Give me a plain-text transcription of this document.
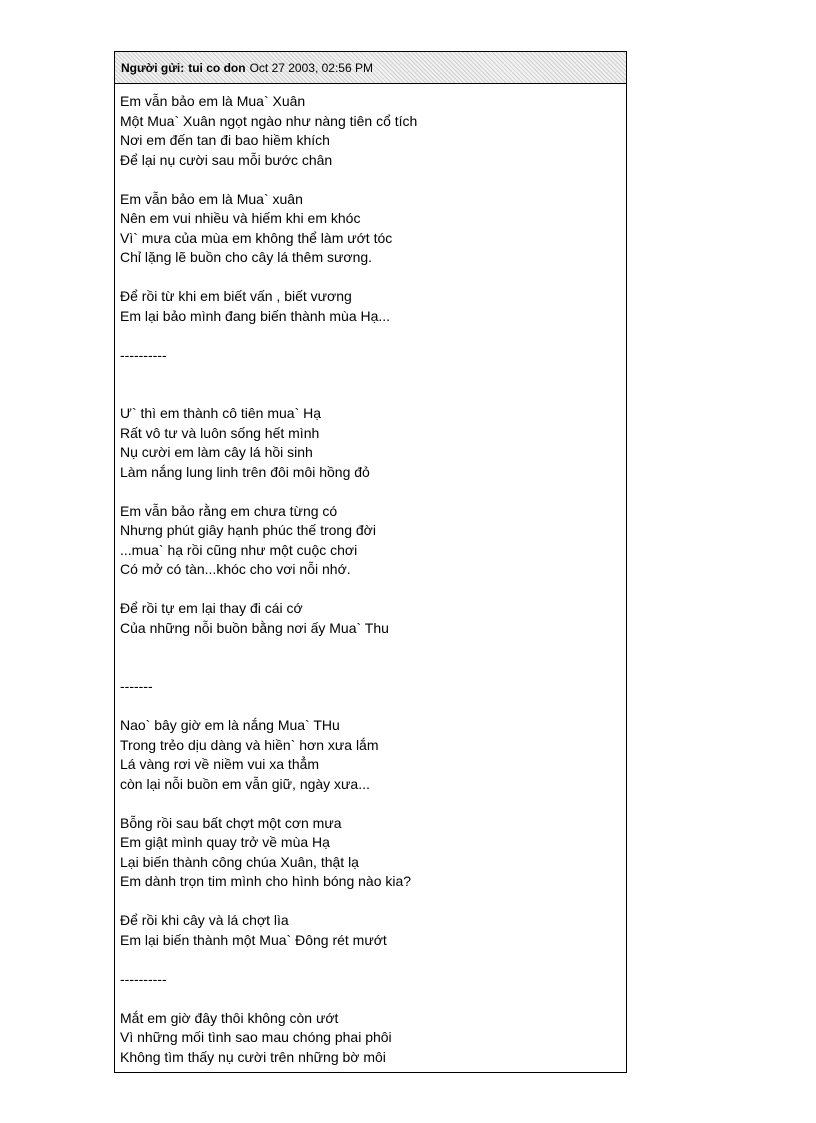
Người gửi: tui co don Oct 27 2003, 02:56 PM
Em vẫn bảo em là Mua` Xuân
Một Mua` Xuân ngọt ngào như nàng tiên cổ tích
Nơi em đến tan đi bao hiềm khích
Để lại nụ cười sau mỗi bước chân
Em vẫn bảo em là Mua` xuân
Nên em vui nhiều và hiếm khi em khóc
Vì` mưa của mùa em không thể làm ướt tóc
Chỉ lặng lẽ buồn cho cây lá thêm sương.
Để rồi từ khi em biết vấn , biết vương
Em lại bảo mình đang biến thành mùa Hạ...
----------
Ư` thì em thành cô tiên mua` Hạ
Rất vô tư và luôn sống hết mình
Nụ cười em làm cây lá hồi sinh
Làm nắng lung linh trên đôi môi hồng đỏ
Em vẫn bảo rằng em chưa từng có
Nhưng phút giây hạnh phúc thế trong đời
...mua` hạ rồi cũng như một cuộc chơi
Có mở có tàn...khóc cho vơi nỗi nhớ.
Để rồi tự em lại thay đi cái cớ
Của những nỗi buồn bằng nơi ấy Mua` Thu
-------
Nao` bây giờ em là nắng Mua` THu
Trong trẻo dịu dàng và hiền` hơn xưa lắm
Lá vàng rơi về niềm vui xa thẳm
còn lại nỗi buồn em vẫn giữ, ngày xưa...
Bỗng rồi sau bất chợt một cơn mưa
Em giật mình quay trở về mùa Hạ
Lại biến thành công chúa Xuân, thật lạ
Em dành trọn tim mình cho hình bóng nào kia?
Để rồi khi cây và lá chợt lìa
Em lại biến thành một Mua` Đông rét mướt
----------
Mắt em giờ đây thôi không còn ướt
Vì những mối tình sao mau chóng phai phôi
Không tìm thấy nụ cười trên những bờ môi
